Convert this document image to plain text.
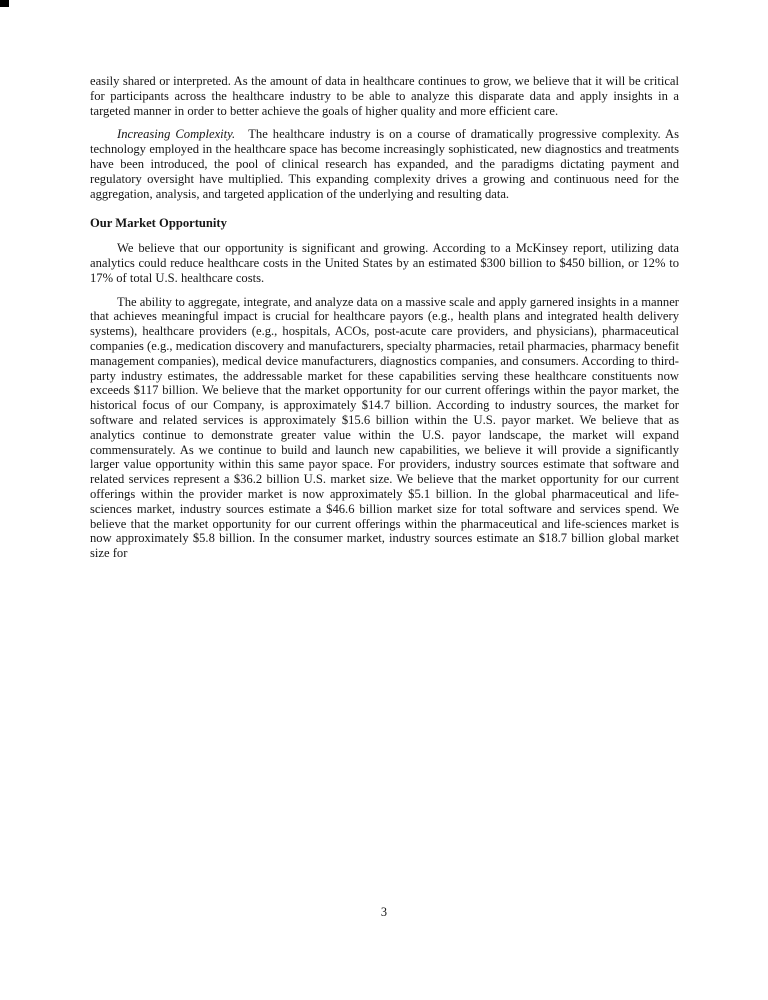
easily shared or interpreted. As the amount of data in healthcare continues to grow, we believe that it will be critical for participants across the healthcare industry to be able to analyze this disparate data and apply insights in a targeted manner in order to better achieve the goals of higher quality and more efficient care.

Increasing Complexity. The healthcare industry is on a course of dramatically progressive complexity. As technology employed in the healthcare space has become increasingly sophisticated, new diagnostics and treatments have been introduced, the pool of clinical research has expanded, and the paradigms dictating payment and regulatory oversight have multiplied. This expanding complexity drives a growing and continuous need for the aggregation, analysis, and targeted application of the underlying and resulting data.

Our Market Opportunity

We believe that our opportunity is significant and growing. According to a McKinsey report, utilizing data analytics could reduce healthcare costs in the United States by an estimated $300 billion to $450 billion, or 12% to 17% of total U.S. healthcare costs.

The ability to aggregate, integrate, and analyze data on a massive scale and apply garnered insights in a manner that achieves meaningful impact is crucial for healthcare payors (e.g., health plans and integrated health delivery systems), healthcare providers (e.g., hospitals, ACOs, post-acute care providers, and physicians), pharmaceutical companies (e.g., medication discovery and manufacturers, specialty pharmacies, retail pharmacies, pharmacy benefit management companies), medical device manufacturers, diagnostics companies, and consumers. According to third-party industry estimates, the addressable market for these capabilities serving these healthcare constituents now exceeds $117 billion. We believe that the market opportunity for our current offerings within the payor market, the historical focus of our Company, is approximately $14.7 billion. According to industry sources, the market for software and related services is approximately $15.6 billion within the U.S. payor market. We believe that as analytics continue to demonstrate greater value within the U.S. payor landscape, the market will expand commensurately. As we continue to build and launch new capabilities, we believe it will provide a significantly larger value opportunity within this same payor space. For providers, industry sources estimate that software and related services represent a $36.2 billion U.S. market size. We believe that the market opportunity for our current offerings within the provider market is now approximately $5.1 billion. In the global pharmaceutical and life-sciences market, industry sources estimate a $46.6 billion market size for total software and services spend. We believe that the market opportunity for our current offerings within the pharmaceutical and life-sciences market is now approximately $5.8 billion. In the consumer market, industry sources estimate an $18.7 billion global market size for

3
